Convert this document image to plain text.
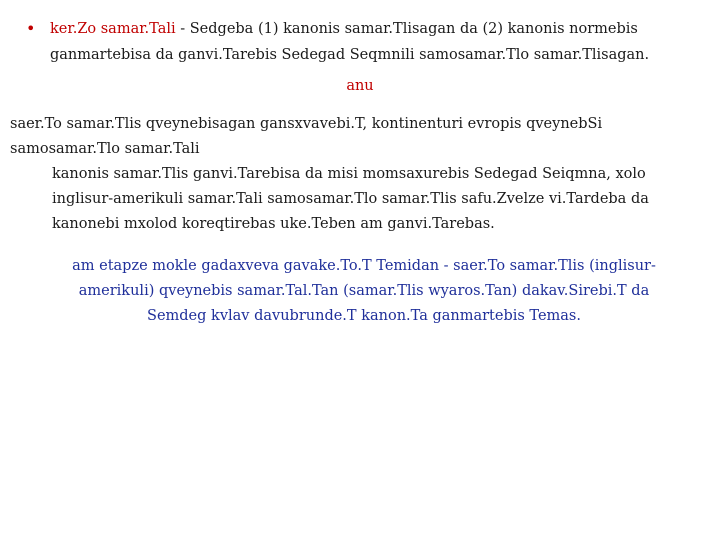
• ker.Zo samar.Tali - Sedgeba (1) kanonis samar.Tlisagan da (2) kanonis normebis ganmartebisa da ganvi.Tarebis Sedegad Seqmnili samosamar.Tlo samar.Tlisagan.
anu
saer.To samar.Tlis qveynebisagan gansxvavebi.T, kontinenturi evropis qveynebSi samosamar.Tlo samar.Tali
kanonis samar.Tlis ganvi.Tarebisa da misi momsaxurebis Sedegad Seiqmna, xolo inglisur-amerikuli samar.Tali samosamar.Tlo samar.Tlis safu.Zvelze vi.Tardeba da kanonebi mxolod koreqtirebas uke.Teben am ganvi.Tarebas.
am etapze mokle gadaxveva gavake.To.T Temidan - saer.To samar.Tlis (inglisur-amerikuli) qveynebis samar.Tal.Tan (samar.Tlis wyaros.Tan) dakav.Sirebi.T da Semdeg kvlav davubrunde.T kanon.Ta ganmartebis Temas.
